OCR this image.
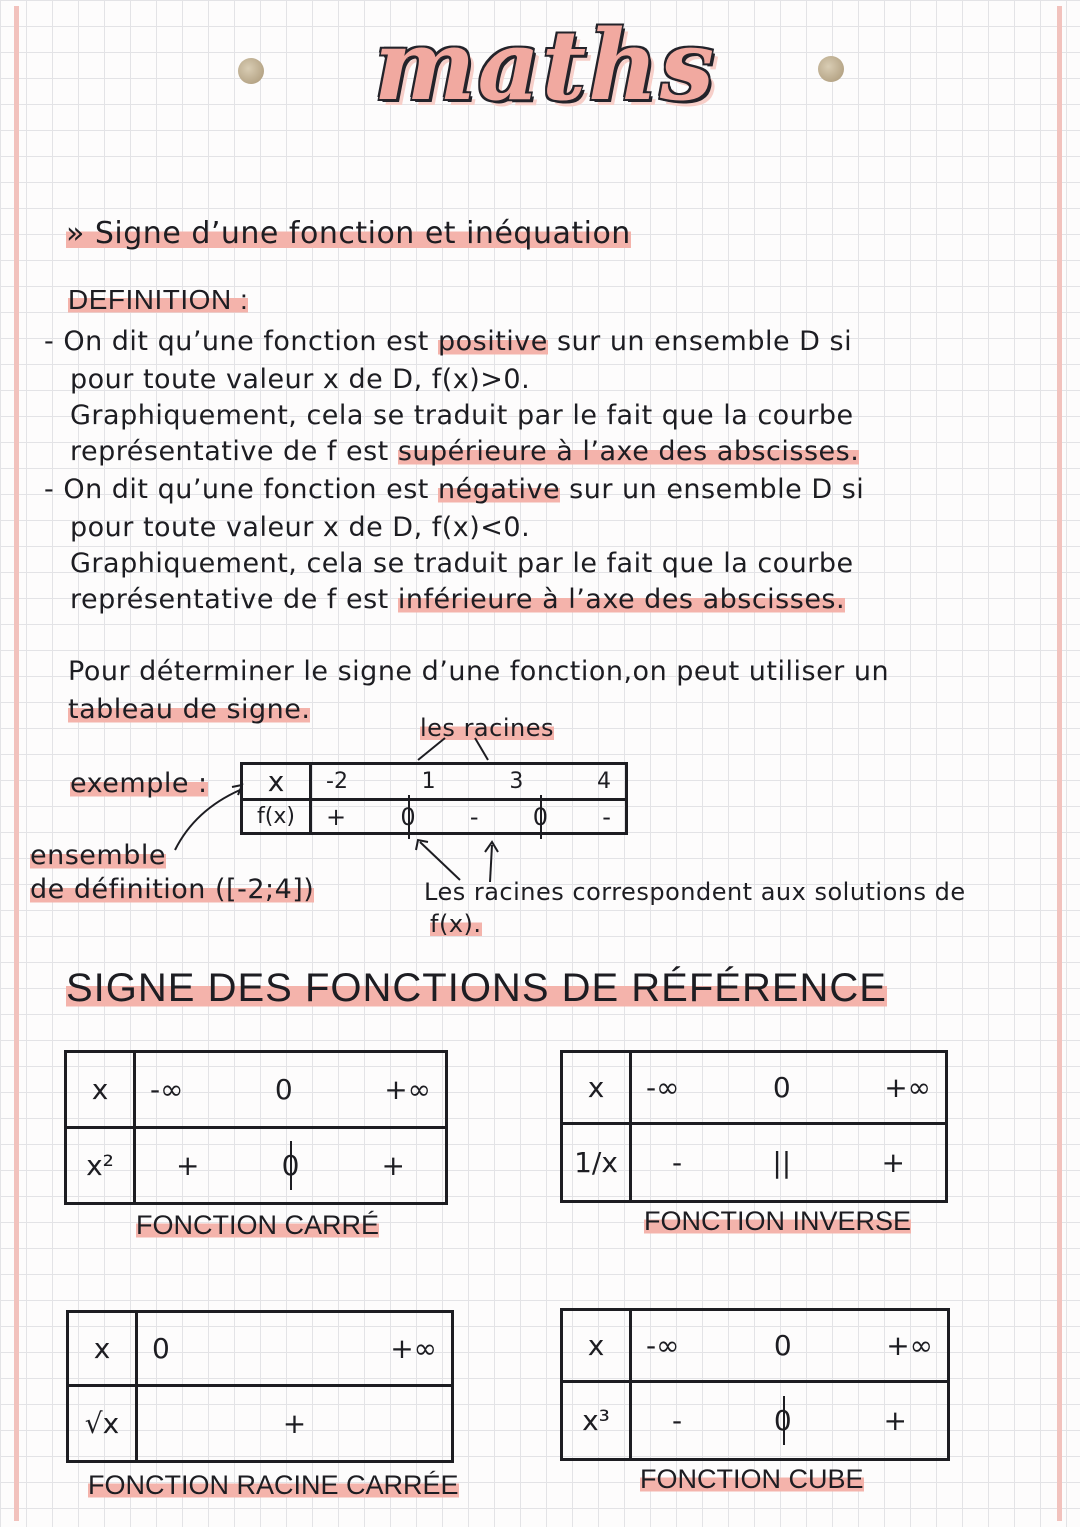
maths
» Signe d’une fonction et inéquation
DEFINITION :
- On dit qu’une fonction est positive sur un ensemble D si
pour toute valeur x de D, f(x)>0.
Graphiquement, cela se traduit par le fait que la courbe
représentative de f est supérieure à l’axe des abscisses.
- On dit qu’une fonction est négative sur un ensemble D si
pour toute valeur x de D, f(x)<0.
Graphiquement, cela se traduit par le fait que la courbe
représentative de f est inférieure à l’axe des abscisses.
Pour déterminer le signe d’une fonction,on peut utiliser un
tableau de signe.
les racines
exemple : x	-2 1 3 4

f(x)	+ 0 - 0 -
ensemble
de définition ([-2;4])	Les racines correspondent aux solutions de
f(x).
SIGNE DES FONCTIONS DE RÉFÉRENCE
x	-∞ 0 +∞

x²	+ 0 +
FONCTION CARRÉ
x	-∞ 0 +∞

1/x	- || +
FONCTION INVERSE
x	0 +∞

√x	+
FONCTION RACINE CARRÉE
x	-∞ 0 +∞

x³	- 0 +
FONCTION CUBE
